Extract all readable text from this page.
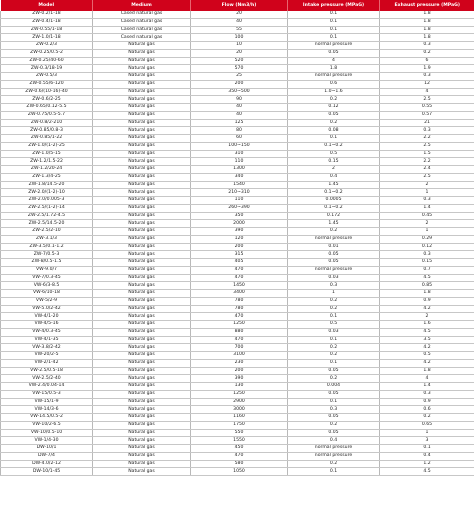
Model	Medium	Flow (Nm3/h)	Intake pressure (MPaG)	Exhaust pressure (MPaG)
ZW-0.2/1-18	Cased natural gas	20	0.1	1.8
ZW-0.4/1-18	Cased natural gas	40	0.1	1.8
ZW-0.55/1-18	Cased natural gas	55	0.1	1.8
ZW-1.0/1-18	Cased natural gas	100	0.1	1.8
ZW-0.2/3	Natural gas	10	normal pressure	0.3
ZW-0.25/0.5-2	Natural gas	20	0.05	0.2
ZW-0.25/40-60	Natural gas	520	4	6
ZW-0.3/18-19	Natural gas	570	1.8	1.9
ZW-0.5/3	Natural gas	25	normal pressure	0.3
ZW-0.55/6-120	Natural gas	200	0.6	12
ZW-0.6/(10-16)-40	Natural gas	350~500	1.0~1.6	4
ZW-0.6/2-25	Natural gas	90	0.2	2.5
ZW-0.65/0.12-5.5	Natural gas	40	0.12	0.55
ZW-0.75/0.5-5.7	Natural gas	40	0.05	0.57
ZW-0.8/2-210	Natural gas	125	0.2	21
ZW-0.85/0.8-3	Natural gas	80	0.08	0.3
ZW-0.85/1-22	Natural gas	60	0.1	2.2
ZW-1.0/(1-2)-25	Natural gas	100~150	0.1~0.2	2.5
ZW-1.0/5-15	Natural gas	310	0.5	1.5
ZW-1.2/1.5-22	Natural gas	110	0.15	2.2
ZW-1.2/20-24	Natural gas	1300	2	2.4
ZW-1.3/4-25	Natural gas	340	0.4	2.5
ZW-1.8/14.5-20	Natural gas	1540	1.45	2
ZW-2.0/(1-2)-10	Natural gas	210~310	0.1~0.2	1
ZW-2.0/0.005-3	Natural gas	110	0.0005	0.3
ZW-2.5/(1-2)-14	Natural gas	260~390	0.1~0.2	1.4
ZW-2.5/1.72-4.5	Natural gas	350	0.172	0.45
ZW-2.5/14.5-20	Natural gas	2000	1.45	2
ZW-2.5/2-10	Natural gas	390	0.2	1
ZW-3.1/3	Natural gas	120	normal pressure	0.29
ZW-3.5/0.1-1.2	Natural gas	200	0.01	0.12
ZW-7/0.5-3	Natural gas	315	0.05	0.3
ZW-8/0.5-1.5	Natural gas	405	0.05	0.15
VW-9.0/7	Natural gas	470	normal pressure	0.7
VW-7/0.3-45	Natural gas	470	0.03	4.5
VW-6/3-8.5	Natural gas	1450	0.3	0.85
VW-6/10-18	Natural gas	3400	1	1.8
VW-5/2-9	Natural gas	780	0.2	0.9
VW-5.0/2-42	Natural gas	780	0.2	4.2
VW-4/1-20	Natural gas	470	0.1	2
VW-4/5-16	Natural gas	1250	0.5	1.6
VW-4/0.3-45	Natural gas	880	0.03	4.5
VW-4/1-35	Natural gas	470	0.1	3.5
VW-3.8/2-42	Natural gas	700	0.2	4.2
VW-20/2-5	Natural gas	3100	0.2	0.5
VW-2/1-42	Natural gas	230	0.1	4.2
VW-2.5/0.5-18	Natural gas	200	0.05	1.8
VW-2.5/2-40	Natural gas	390	0.2	4
VW-2.4/0.04-14	Natural gas	130	0.004	1.4
VW-15/0.5-3	Natural gas	1250	0.05	0.3
VW-15/1-9	Natural gas	2900	0.1	0.9
VW-14/3-6	Natural gas	3000	0.3	0.6
VW-14.5/0.5-2	Natural gas	1160	0.05	0.2
VW-10/2-6.5	Natural gas	1750	0.2	0.65
VW-10/0.5-10	Natural gas	550	0.05	1
VW-1/4-30	Natural gas	1550	0.4	3
DW-10/1	Natural gas	450	normal pressure	0.1
DW-7/4	Natural gas	470	normal pressure	0.4
DW-4.0/2-12	Natural gas	580	0.2	1.2
DW-10/1-45	Natural gas	1050	0.1	4.5
